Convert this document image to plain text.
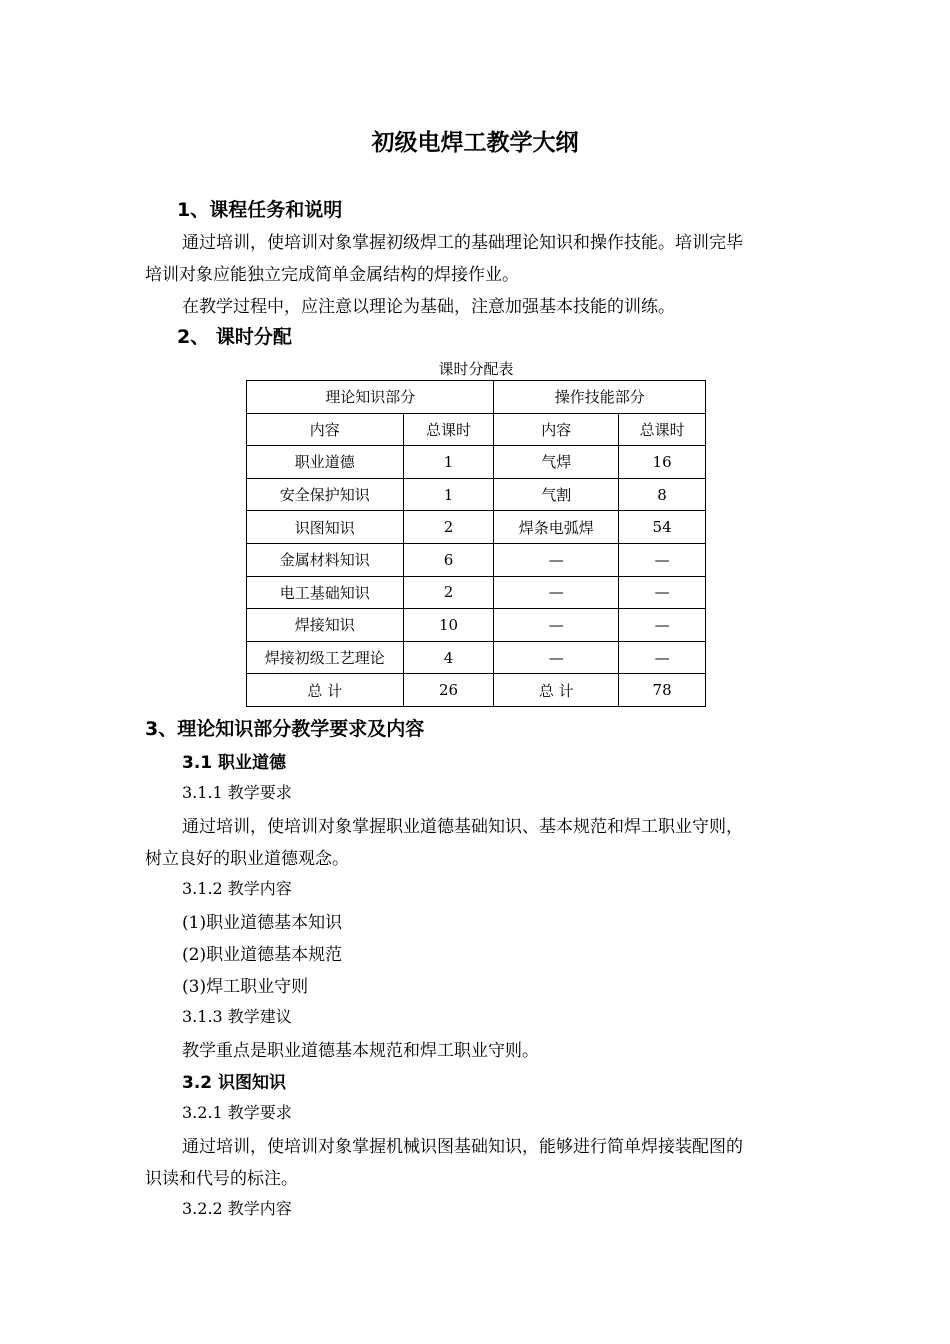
初级电焊工教学大纲
1、课程任务和说明
通过培训，使培训对象掌握初级焊工的基础理论知识和操作技能。培训完毕
培训对象应能独立完成简单金属结构的焊接作业。
在教学过程中，应注意以理论为基础，注意加强基本技能的训练。
2、 课时分配
课时分配表
理论知识部分		操作技能部分	
内容	总课时	内容	总课时
职业道德	1	气焊	16
安全保护知识	1	气割	8
识图知识	2	焊条电弧焊	54
金属材料知识	6	—	—
电工基础知识	2	—	—
焊接知识	10	—	—
焊接初级工艺理论	4	—	—
总 计	26	总 计	78
3、理论知识部分教学要求及内容
3.1 职业道德
3.1.1 教学要求
通过培训，使培训对象掌握职业道德基础知识、基本规范和焊工职业守则，
树立良好的职业道德观念。
3.1.2 教学内容
(1)职业道德基本知识
(2)职业道德基本规范
(3)焊工职业守则
3.1.3 教学建议
教学重点是职业道德基本规范和焊工职业守则。
3.2 识图知识
3.2.1 教学要求
通过培训，使培训对象掌握机械识图基础知识，能够进行简单焊接装配图的
识读和代号的标注。
3.2.2 教学内容
